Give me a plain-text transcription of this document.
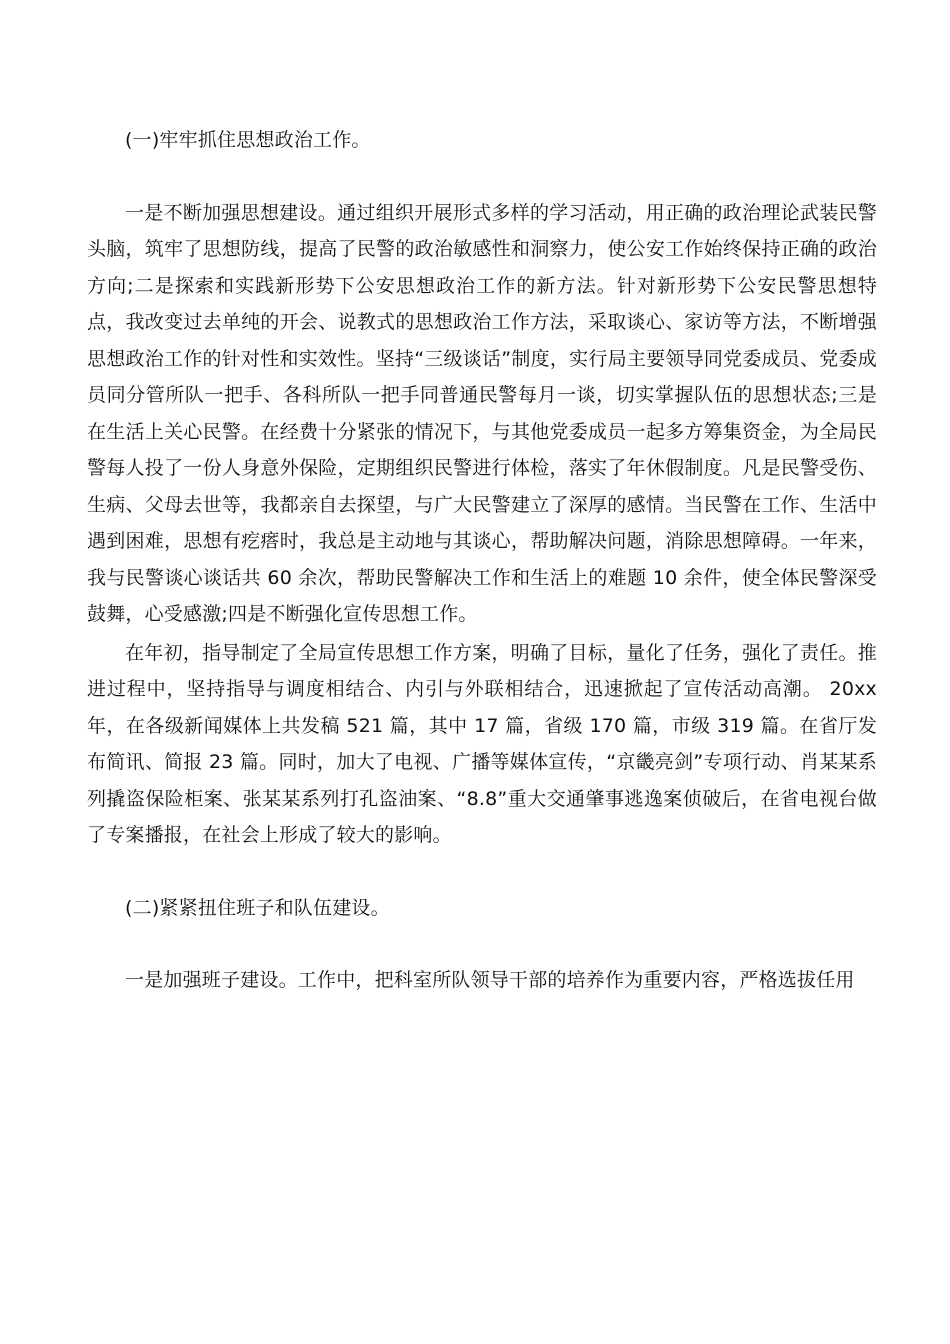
(一)牢牢抓住思想政治工作。

一是不断加强思想建设。通过组织开展形式多样的学习活动，用正确的政治理论武装民警头脑，筑牢了思想防线，提高了民警的政治敏感性和洞察力，使公安工作始终保持正确的政治方向;二是探索和实践新形势下公安思想政治工作的新方法。针对新形势下公安民警思想特点，我改变过去单纯的开会、说教式的思想政治工作方法，采取谈心、家访等方法，不断增强思想政治工作的针对性和实效性。坚持“三级谈话”制度，实行局主要领导同党委成员、党委成员同分管所队一把手、各科所队一把手同普通民警每月一谈，切实掌握队伍的思想状态;三是在生活上关心民警。在经费十分紧张的情况下，与其他党委成员一起多方筹集资金，为全局民警每人投了一份人身意外保险，定期组织民警进行体检，落实了年休假制度。凡是民警受伤、生病、父母去世等，我都亲自去探望，与广大民警建立了深厚的感情。当民警在工作、生活中遇到困难，思想有疙瘩时，我总是主动地与其谈心，帮助解决问题，消除思想障碍。一年来，我与民警谈心谈话共 60 余次，帮助民警解决工作和生活上的难题 10 余件，使全体民警深受鼓舞，心受感激;四是不断强化宣传思想工作。

在年初，指导制定了全局宣传思想工作方案，明确了目标，量化了任务，强化了责任。推进过程中，坚持指导与调度相结合、内引与外联相结合，迅速掀起了宣传活动高潮。 20xx 年，在各级新闻媒体上共发稿 521 篇，其中 17 篇，省级 170 篇，市级 319 篇。在省厅发布简讯、简报 23 篇。同时，加大了电视、广播等媒体宣传，“京畿亮剑”专项行动、肖某某系列撬盗保险柜案、张某某系列打孔盗油案、“8.8”重大交通肇事逃逸案侦破后，在省电视台做了专案播报，在社会上形成了较大的影响。

(二)紧紧扭住班子和队伍建设。

一是加强班子建设。工作中，把科室所队领导干部的培养作为重要内容，严格选拔任用
